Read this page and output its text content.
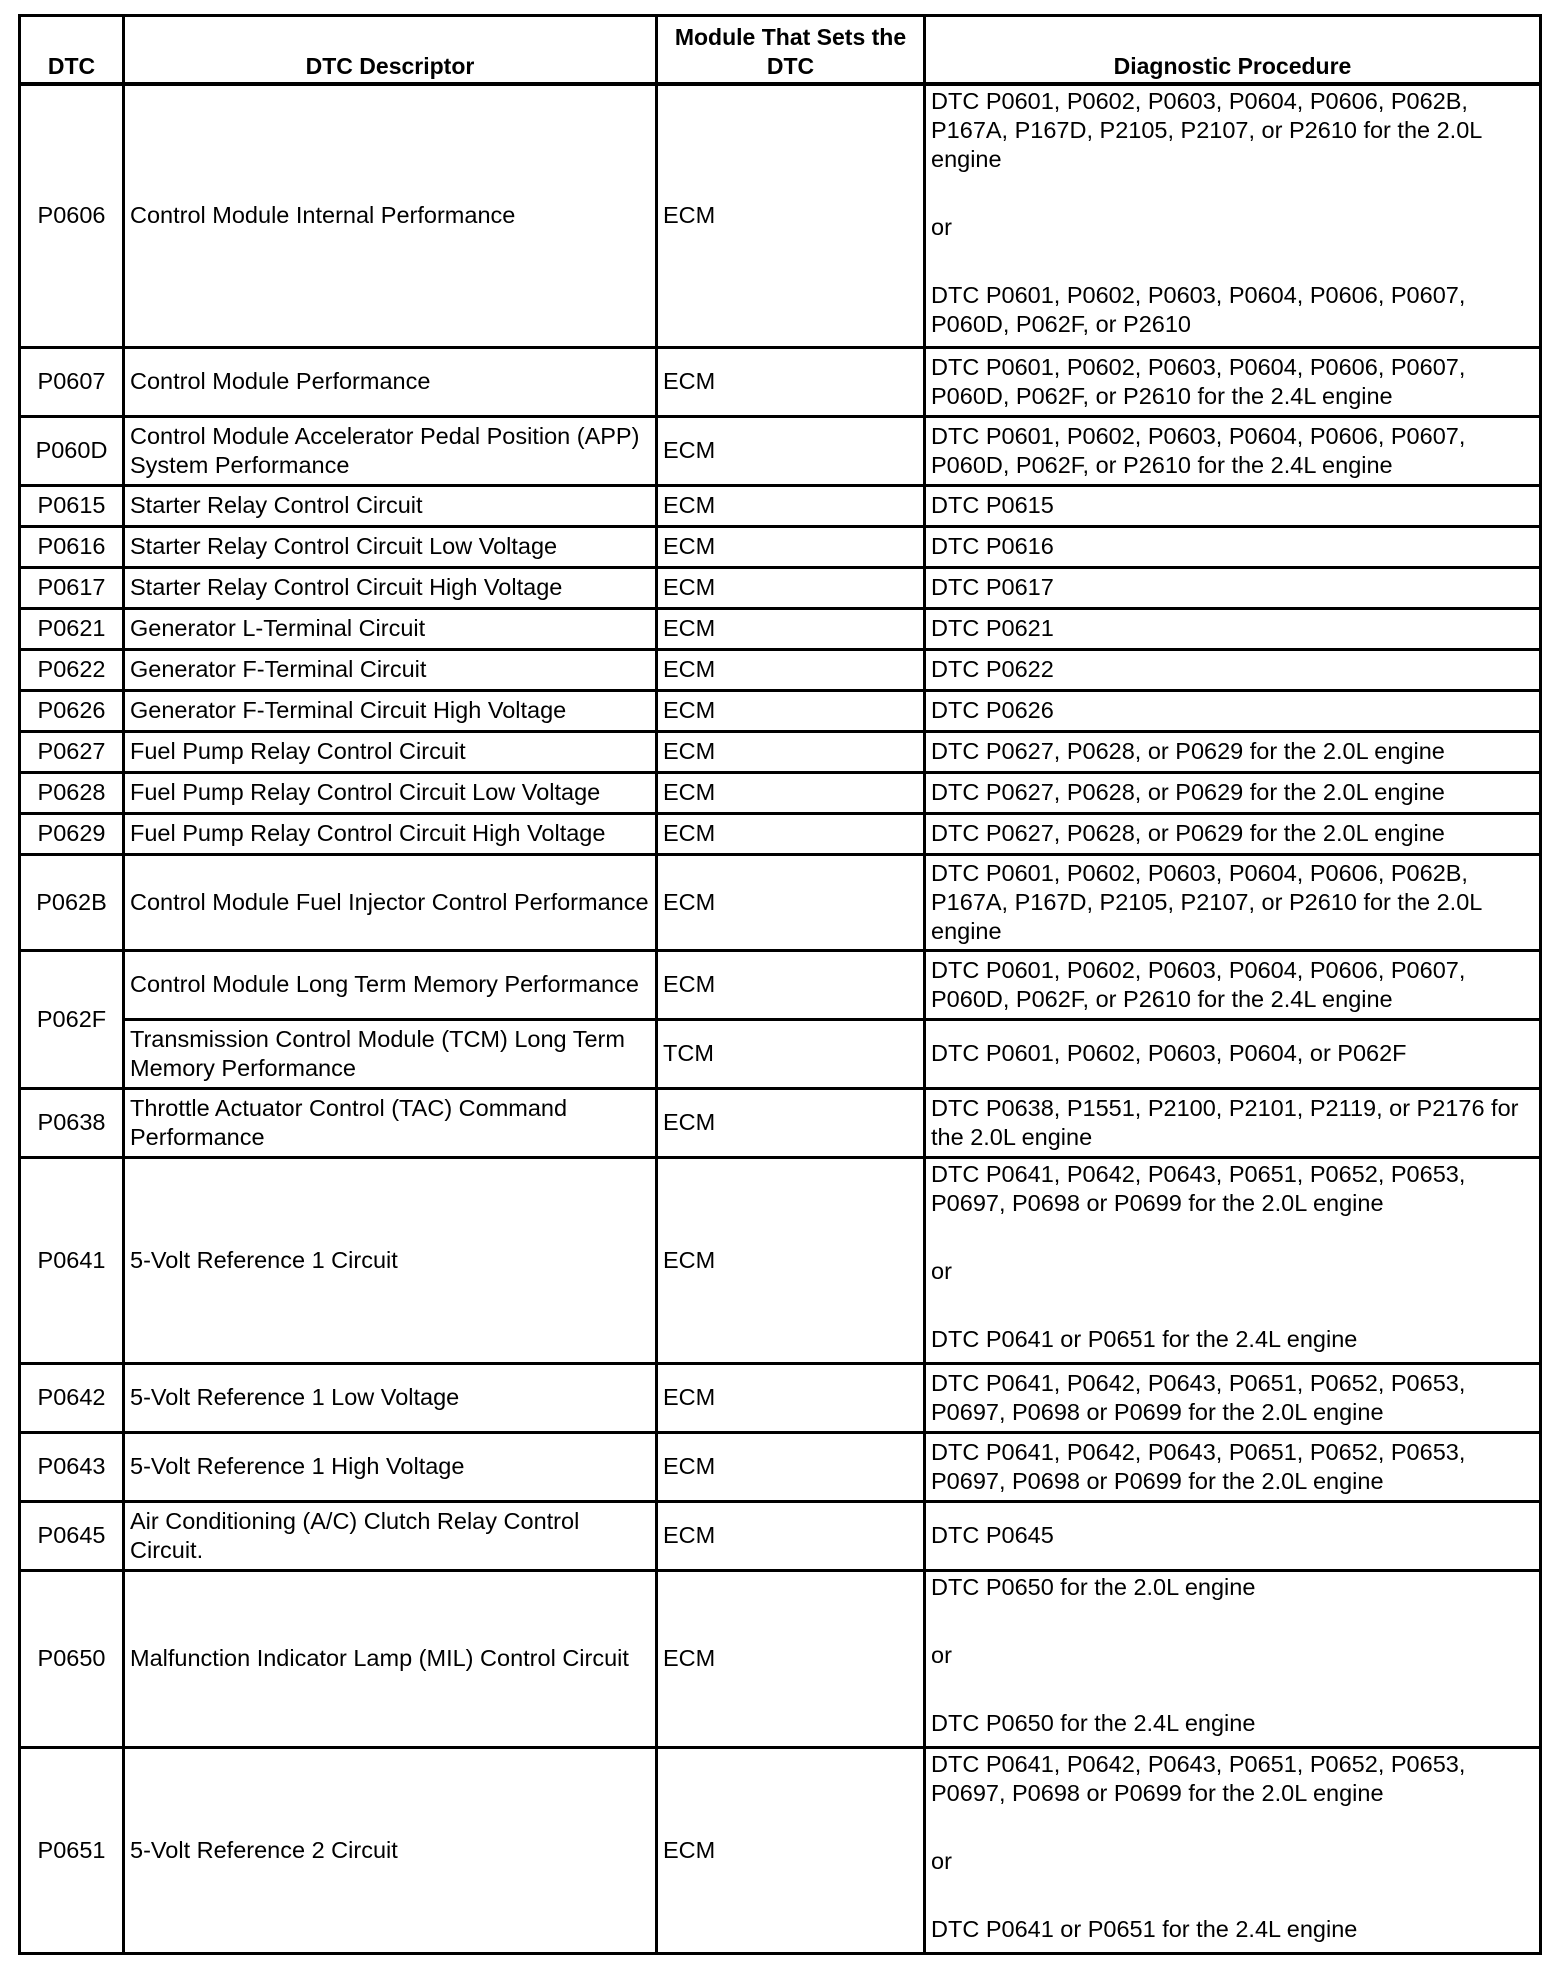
DTC	DTC Descriptor	Module That Sets the DTC	Diagnostic Procedure
P0606	Control Module Internal Performance	ECM	DTC P0601, P0602, P0603, P0604, P0606, P062B, P167A, P167D, P2105, P2107, or P2610 for the 2.0L engine
or
DTC P0601, P0602, P0603, P0604, P0606, P0607, P060D, P062F, or P2610

P0607	Control Module Performance	ECM	DTC P0601, P0602, P0603, P0604, P0606, P0607, P060D, P062F, or P2610 for the 2.4L engine
P060D	Control Module Accelerator Pedal Position (APP) System Performance	ECM	DTC P0601, P0602, P0603, P0604, P0606, P0607, P060D, P062F, or P2610 for the 2.4L engine
P0615	Starter Relay Control Circuit	ECM	DTC P0615
P0616	Starter Relay Control Circuit Low Voltage	ECM	DTC P0616
P0617	Starter Relay Control Circuit High Voltage	ECM	DTC P0617
P0621	Generator L-Terminal Circuit	ECM	DTC P0621
P0622	Generator F-Terminal Circuit	ECM	DTC P0622
P0626	Generator F-Terminal Circuit High Voltage	ECM	DTC P0626
P0627	Fuel Pump Relay Control Circuit	ECM	DTC P0627, P0628, or P0629 for the 2.0L engine
P0628	Fuel Pump Relay Control Circuit Low Voltage	ECM	DTC P0627, P0628, or P0629 for the 2.0L engine
P0629	Fuel Pump Relay Control Circuit High Voltage	ECM	DTC P0627, P0628, or P0629 for the 2.0L engine
P062B	Control Module Fuel Injector Control Performance	ECM	DTC P0601, P0602, P0603, P0604, P0606, P062B, P167A, P167D, P2105, P2107, or P2610 for the 2.0L engine
P062F	Control Module Long Term Memory Performance	ECM	DTC P0601, P0602, P0603, P0604, P0606, P0607, P060D, P062F, or P2610 for the 2.4L engine
	Transmission Control Module (TCM) Long Term Memory Performance	TCM	DTC P0601, P0602, P0603, P0604, or P062F
P0638	Throttle Actuator Control (TAC) Command Performance	ECM	DTC P0638, P1551, P2100, P2101, P2119, or P2176 for the 2.0L engine
P0641	5-Volt Reference 1 Circuit	ECM	DTC P0641, P0642, P0643, P0651, P0652, P0653, P0697, P0698 or P0699 for the 2.0L engine
or
DTC P0641 or P0651 for the 2.4L engine

P0642	5-Volt Reference 1 Low Voltage	ECM	DTC P0641, P0642, P0643, P0651, P0652, P0653, P0697, P0698 or P0699 for the 2.0L engine
P0643	5-Volt Reference 1 High Voltage	ECM	DTC P0641, P0642, P0643, P0651, P0652, P0653, P0697, P0698 or P0699 for the 2.0L engine
P0645	Air Conditioning (A/C) Clutch Relay Control Circuit.	ECM	DTC P0645
P0650	Malfunction Indicator Lamp (MIL) Control Circuit	ECM	DTC P0650 for the 2.0L engine
or
DTC P0650 for the 2.4L engine

P0651	5-Volt Reference 2 Circuit	ECM	DTC P0641, P0642, P0643, P0651, P0652, P0653, P0697, P0698 or P0699 for the 2.0L engine
or
DTC P0641 or P0651 for the 2.4L engine
